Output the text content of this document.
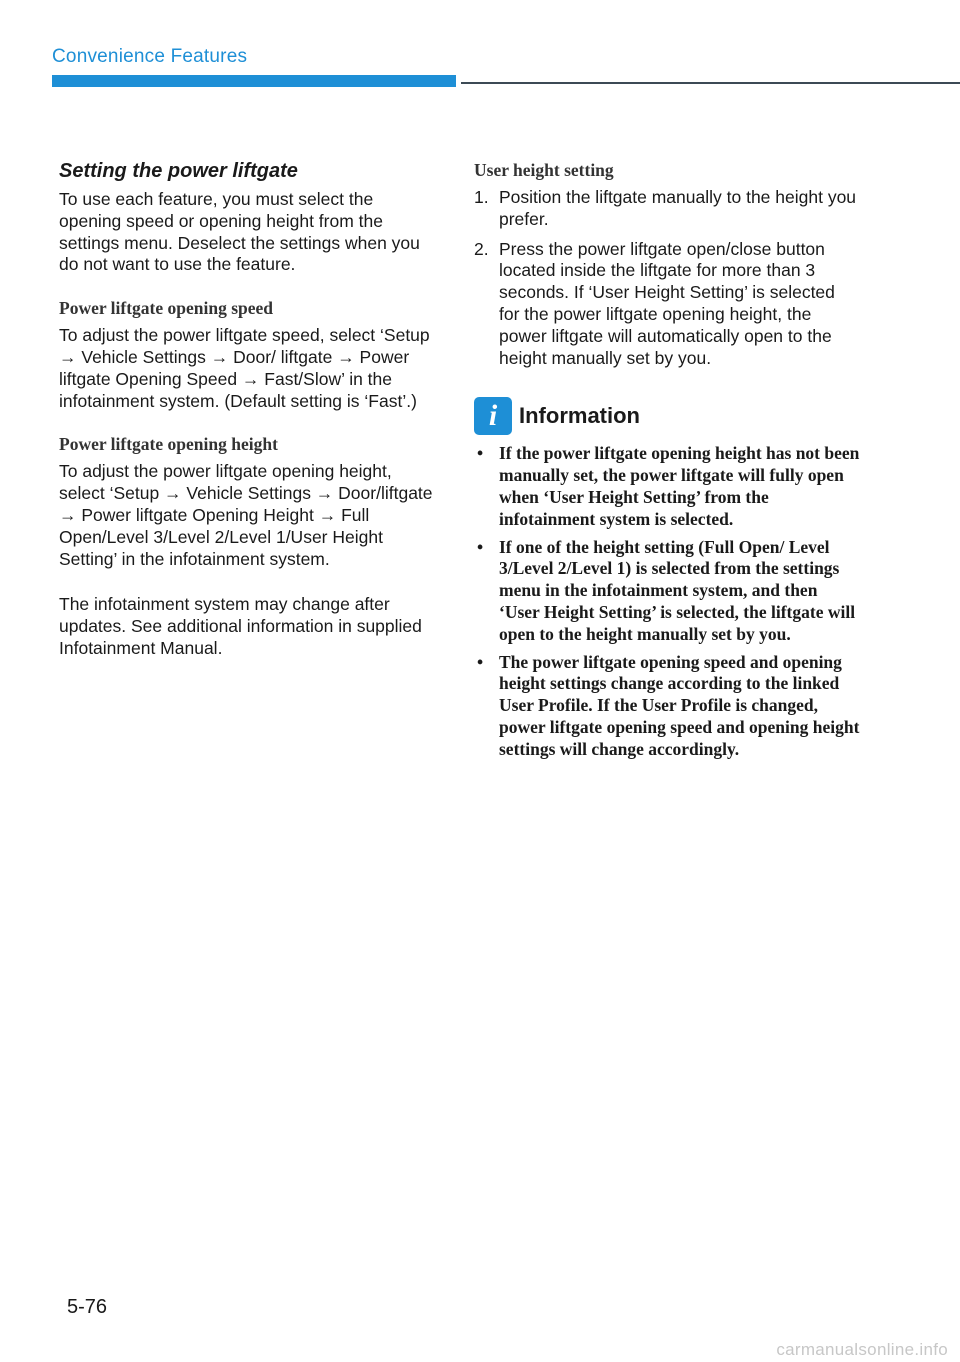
Convenience Features
Setting the power liftgate

To use each feature, you must select the opening speed or opening height from the settings menu. Deselect the settings when you do not want to use the feature.

Power liftgate opening speed

To adjust the power liftgate speed, select ‘Setup → Vehicle Settings → Door/ liftgate → Power liftgate Opening Speed → Fast/Slow’ in the infotainment system. (Default setting is ‘Fast’.)

Power liftgate opening height

To adjust the power liftgate opening height, select ‘Setup → Vehicle Settings → Door/liftgate → Power liftgate Opening Height → Full Open/Level 3/Level 2/Level 1/User Height Setting’ in the infotainment system.

The infotainment system may change after updates. See additional information in supplied Infotainment Manual.

User height setting
1. Position the liftgate manually to the height you prefer.
2. Press the power liftgate open/close button located inside the liftgate for more than 3 seconds. If ‘User Height Setting’ is selected for the power liftgate opening height, the power liftgate will automatically open to the height manually set by you.
i Information
• If the power liftgate opening height has not been manually set, the power liftgate will fully open when ‘User Height Setting’ from the infotainment system is selected.
• If one of the height setting (Full Open/ Level 3/Level 2/Level 1) is selected from the settings menu in the infotainment system, and then ‘User Height Setting’ is selected, the liftgate will open to the height manually set by you.
• The power liftgate opening speed and opening height settings change according to the linked User Profile. If the User Profile is changed, power liftgate opening speed and opening height settings will change accordingly.
5-76
carmanualsonline.info
